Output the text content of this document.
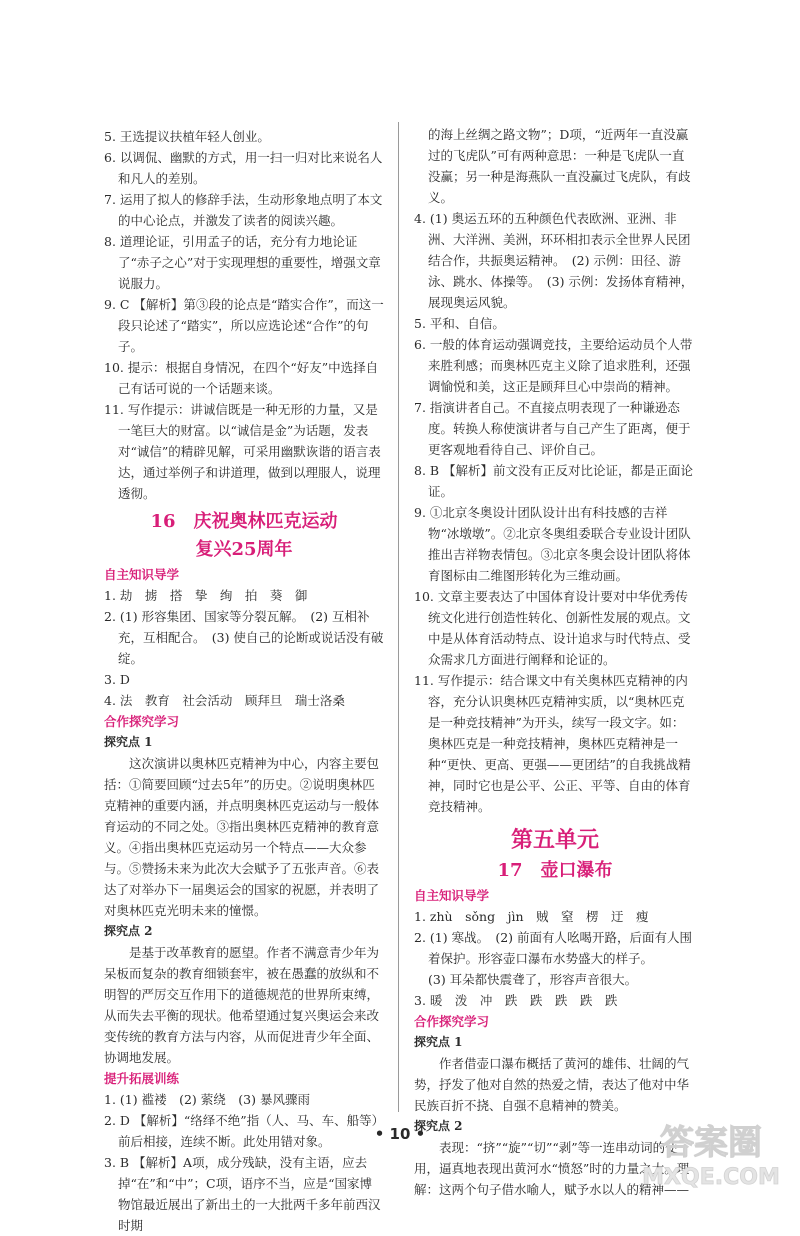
5. 王选提议扶植年轻人创业。

6. 以调侃、幽默的方式，用一扫一归对比来说名人和凡人的差别。

7. 运用了拟人的修辞手法，生动形象地点明了本文的中心论点，并激发了读者的阅读兴趣。

8. 道理论证，引用孟子的话，充分有力地论证了“赤子之心”对于实现理想的重要性，增强文章说服力。

9. C 【解析】第③段的论点是“踏实合作”，而这一段只论述了“踏实”，所以应选论述“合作”的句子。

10. 提示：根据自身情况，在四个“好友”中选择自己有话可说的一个话题来谈。

11. 写作提示：讲诚信既是一种无形的力量，又是一笔巨大的财富。以“诚信是金”为话题，发表对“诚信”的精辟见解，可采用幽默诙谐的语言表达，通过举例子和讲道理，做到以理服人，说理透彻。

16　庆祝奥林匹克运动

复兴25周年

自主知识导学

1. 劫　掳　搭　挚　绚　拍　葵　御

2. (1) 形容集团、国家等分裂瓦解。　(2) 互相补充，互相配合。　(3) 使自己的论断或说话没有破绽。

3. D

4. 法　教育　社会活动　顾拜旦　瑞士洛桑

合作探究学习

探究点 1

这次演讲以奥林匹克精神为中心，内容主要包括：①简要回顾“过去5年”的历史。②说明奥林匹克精神的重要内涵，并点明奥林匹克运动与一般体育运动的不同之处。③指出奥林匹克精神的教育意义。④指出奥林匹克运动另一个特点——大众参与。⑤赞扬未来为此次大会赋予了五张声音。⑥表达了对举办下一届奥运会的国家的祝愿，并表明了对奥林匹克光明未来的憧憬。

探究点 2

是基于改革教育的愿望。作者不满意青少年为呆板而复杂的教育细锁套牢，被在愚蠢的放纵和不明智的严厉交互作用下的道德规范的世界所束缚，从而失去平衡的现状。他希望通过复兴奥运会来改变传统的教育方法与内容，从而促进青少年全面、协调地发展。

提升拓展训练

1. (1) 褴褛　(2) 萦绕　(3) 暴风骤雨

2. D 【解析】“络绎不绝”指（人、马、车、船等）前后相接，连续不断。此处用错对象。

3. B 【解析】A项，成分残缺，没有主语，应去掉“在”和“中”；C项，语序不当，应是“国家博物馆最近展出了新出土的一大批两千多年前西汉时期

的海上丝绸之路文物”；D项，“近两年一直没赢过的飞虎队”可有两种意思：一种是飞虎队一直没赢；另一种是海燕队一直没赢过飞虎队，有歧义。

4. (1) 奥运五环的五种颜色代表欧洲、亚洲、非洲、大洋洲、美洲，环环相扣表示全世界人民团结合作，共振奥运精神。　(2) 示例：田径、游泳、跳水、体操等。　(3) 示例：发扬体育精神，展现奥运风貌。

5. 平和、自信。

6. 一般的体育运动强调竞技，主要给运动员个人带来胜利感；而奥林匹克主义除了追求胜利，还强调愉悦和美，这正是顾拜旦心中崇尚的精神。

7. 指演讲者自己。不直接点明表现了一种谦逊态度。转换人称使演讲者与自己产生了距离，便于更客观地看待自己、评价自己。

8. B 【解析】前文没有正反对比论证，都是正面论证。

9. ①北京冬奥设计团队设计出有科技感的吉祥物“冰墩墩”。②北京冬奥组委联合专业设计团队推出吉祥物表情包。③北京冬奥会设计团队将体育图标由二维图形转化为三维动画。

10. 文章主要表达了中国体育设计要对中华优秀传统文化进行创造性转化、创新性发展的观点。文中是从体育活动特点、设计追求与时代特点、受众需求几方面进行阐释和论证的。

11. 写作提示：结合课文中有关奥林匹克精神的内容，充分认识奥林匹克精神实质，以“奥林匹克是一种竞技精神”为开头，续写一段文字。如：奥林匹克是一种竞技精神，奥林匹克精神是一种“更快、更高、更强——更团结”的自我挑战精神，同时它也是公平、公正、平等、自由的体育竞技精神。

第五单元

17　壶口瀑布

自主知识导学

1. zhù　sǒng　jìn　贼　窒　楞　迂　瘦

2. (1) 寒战。　(2) 前面有人吆喝开路，后面有人围着保护。形容壶口瀑布水势盛大的样子。

(3) 耳朵都快震聋了，形容声音很大。

3. 暖　泼　冲　跌　跌　跌　跌　跌

合作探究学习

探究点 1

作者借壶口瀑布概括了黄河的雄伟、壮阔的气势，抒发了他对自然的热爱之情，表达了他对中华民族百折不挠、自强不息精神的赞美。

探究点 2

表现：“挤”“旋”“切”“剥”等一连串动词的使用，逼真地表现出黄河水“愤怒”时的力量之大。理解：这两个句子借水喻人，赋予水以人的精神——

• 10 •	答案圈
MXQE.COM
